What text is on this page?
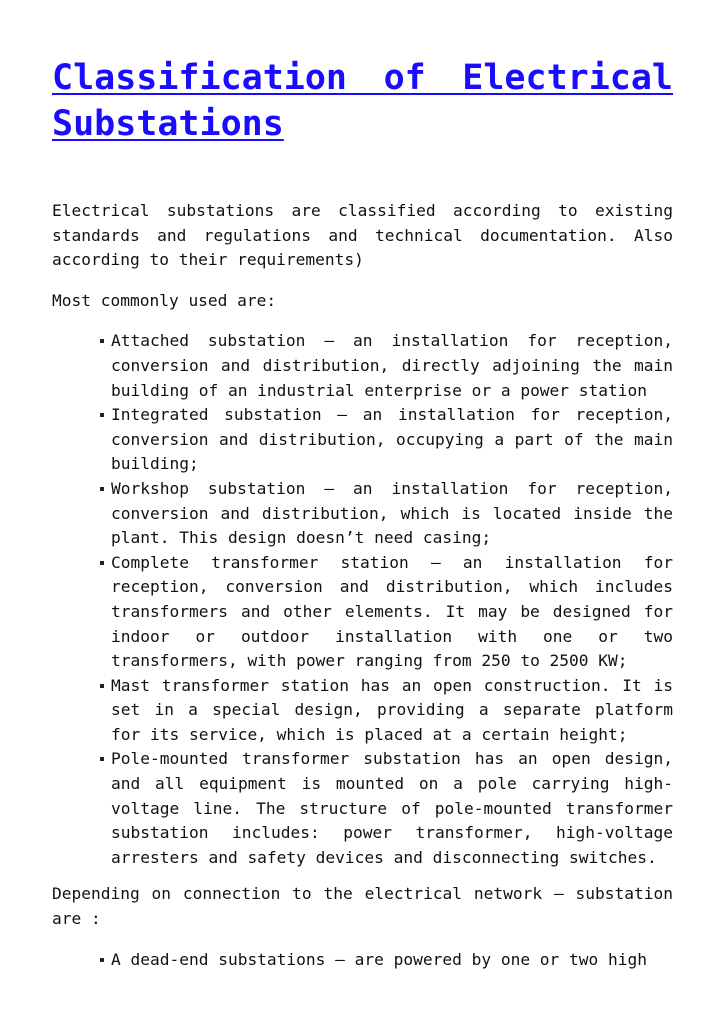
Classification of Electrical Substations

Electrical substations are classified according to existing standards and regulations and technical documentation. Also according to their requirements)

Most commonly used are:

Attached substation – an installation for reception, conversion and distribution, directly adjoining the main building of an industrial enterprise or a power station
Integrated substation – an installation for reception, conversion and distribution, occupying a part of the main building;
Workshop substation – an installation for reception, conversion and distribution, which is located inside the plant. This design doesn’t need casing;
Complete transformer station – an installation for reception, conversion and distribution, which includes transformers and other elements. It may be designed for indoor or outdoor installation with one or two transformers, with power ranging from 250 to 2500 KW;
Mast transformer station has an open construction. It is set in a special design, providing a separate platform for its service, which is placed at a certain height;
Pole-mounted transformer substation has an open design, and all equipment is mounted on a pole carrying high-voltage line. The structure of pole-mounted transformer substation includes: power transformer, high-voltage arresters and safety devices and disconnecting switches.

Depending on connection to the electrical network – substation are :

A dead-end substations – are powered by one or two high
